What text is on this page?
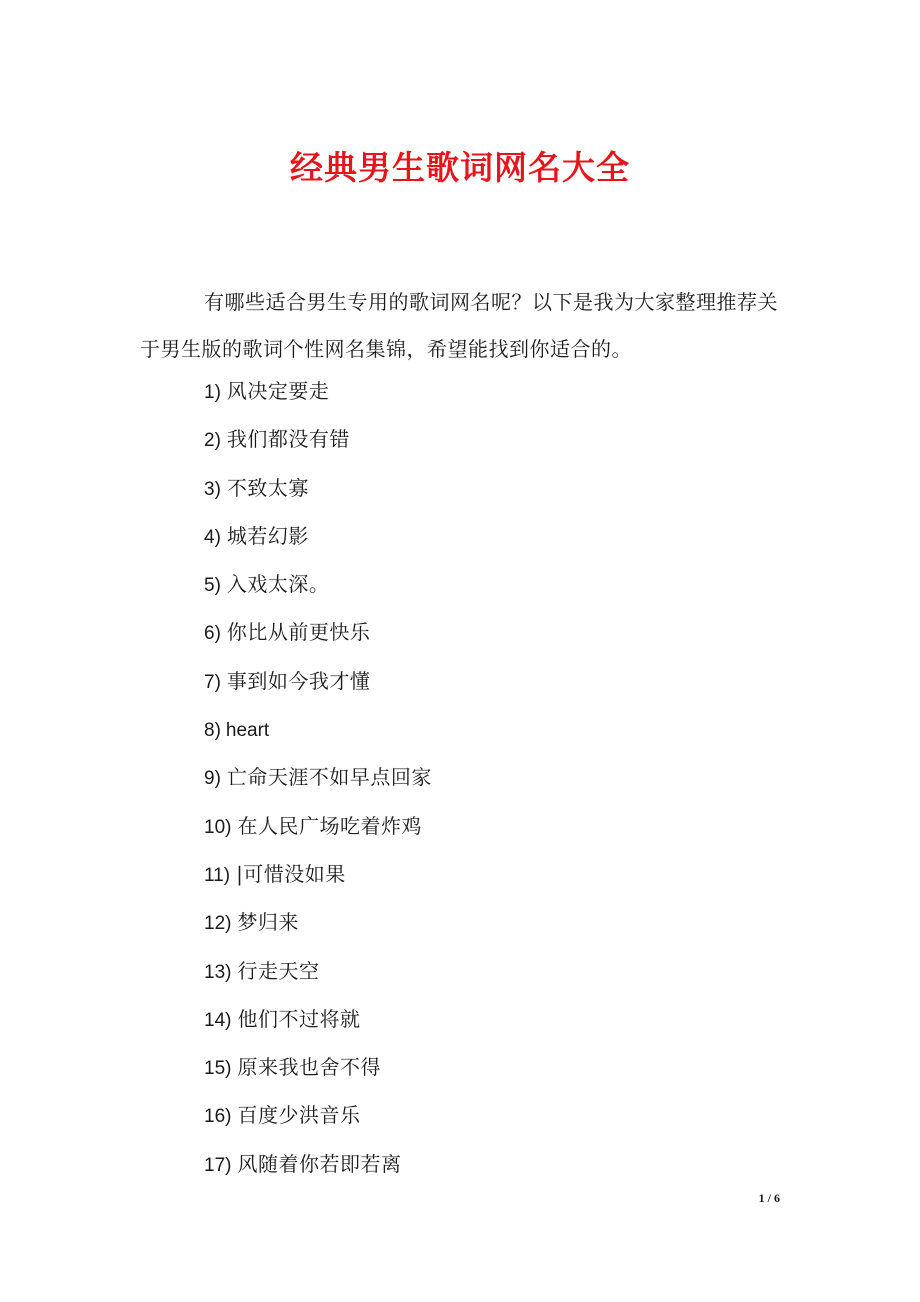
经典男生歌词网名大全

有哪些适合男生专用的歌词网名呢？以下是我为大家整理推荐关于男生版的歌词个性网名集锦，希望能找到你适合的。

1) 风决定要走
2) 我们都没有错
3) 不致太寡
4) 城若幻影
5) 入戏太深。
6) 你比从前更快乐
7) 事到如今我才懂
8) heart
9) 亡命天涯不如早点回家
10) 在人民广场吃着炸鸡
11) |可惜没如果
12) 梦归来
13) 行走天空
14) 他们不过将就
15) 原来我也舍不得
16) 百度少洪音乐
17) 风随着你若即若离
1 / 6
